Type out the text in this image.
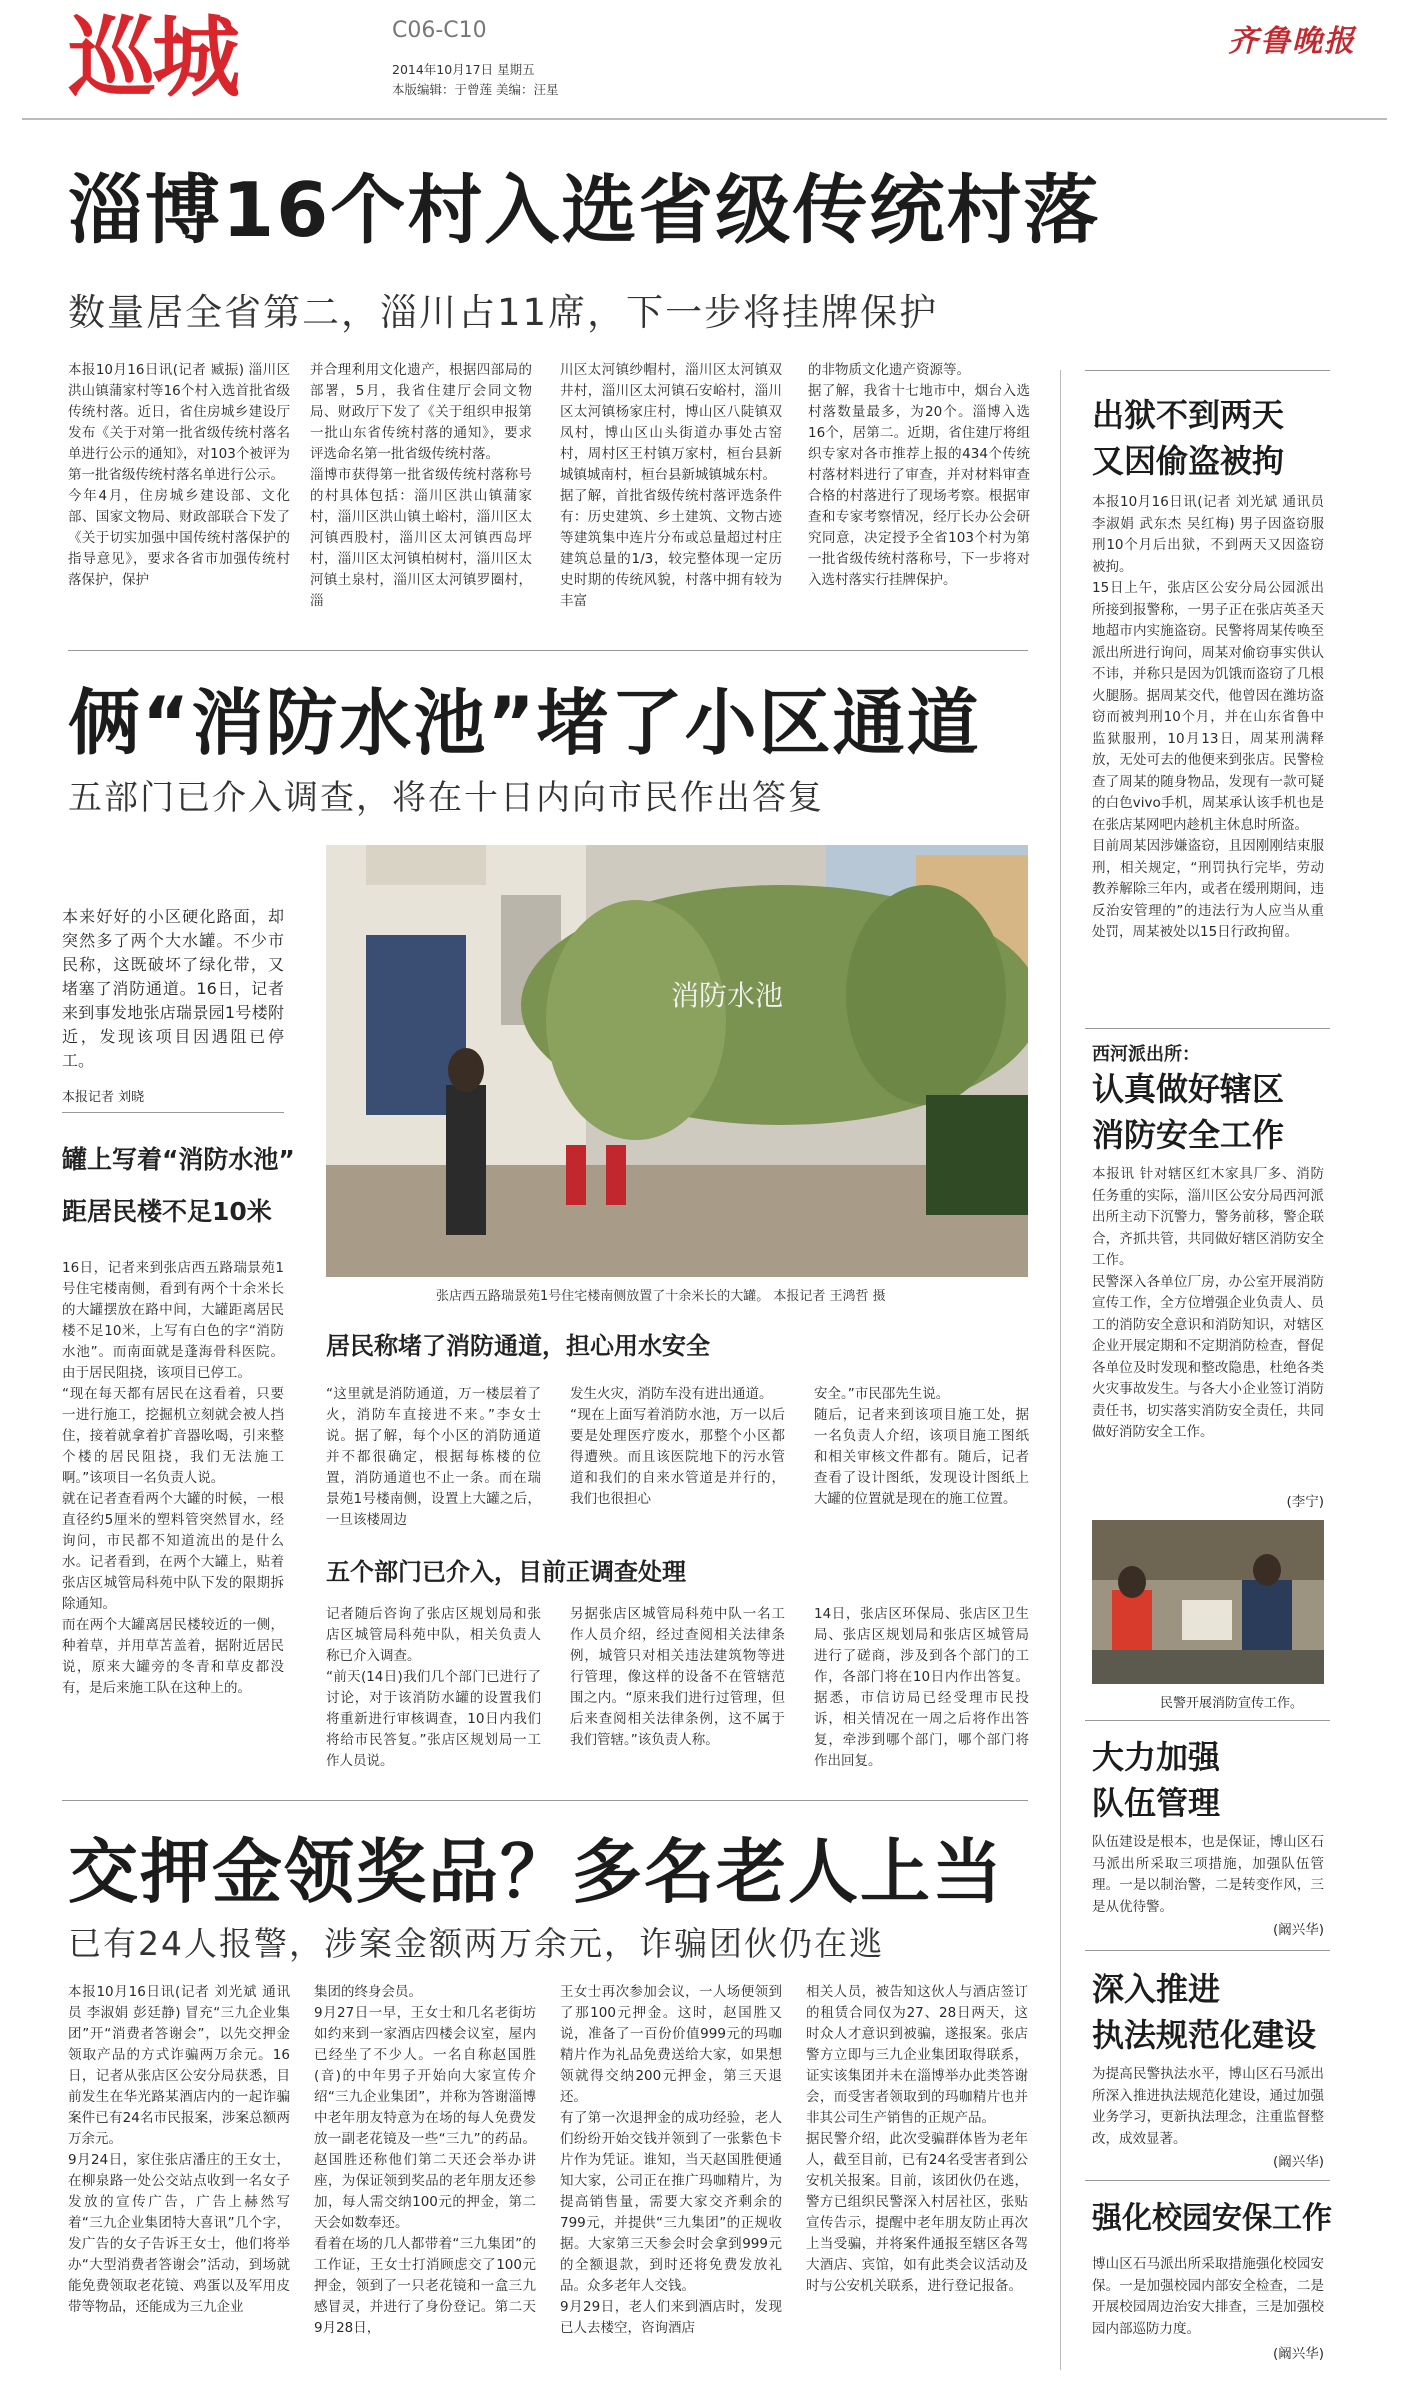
巡城	C06-C10
2014年10月17日 星期五
本版编辑：于曾莲 美编：汪星
齐鲁晚报
淄博16个村入选省级传统村落
数量居全省第二，淄川占11席，下一步将挂牌保护
本报10月16日讯(记者 臧振) 淄川区洪山镇蒲家村等16个村入选首批省级传统村落。近日，省住房城乡建设厅发布《关于对第一批省级传统村落名单进行公示的通知》，对103个被评为第一批省级传统村落名单进行公示。
今年4月，住房城乡建设部、文化部、国家文物局、财政部联合下发了《关于切实加强中国传统村落保护的指导意见》，要求各省市加强传统村落保护，保护
并合理利用文化遗产，根据四部局的部署，5月，我省住建厅会同文物局、财政厅下发了《关于组织申报第一批山东省传统村落的通知》，要求评选命名第一批省级传统村落。
淄博市获得第一批省级传统村落称号的村具体包括：淄川区洪山镇蒲家村，淄川区洪山镇土峪村，淄川区太河镇西股村，淄川区太河镇西岛坪村，淄川区太河镇柏树村，淄川区太河镇土泉村，淄川区太河镇罗圈村，淄
川区太河镇纱帽村，淄川区太河镇双井村，淄川区太河镇石安峪村，淄川区太河镇杨家庄村，博山区八陡镇双凤村，博山区山头街道办事处古窑村，周村区王村镇万家村，桓台县新城镇城南村，桓台县新城镇城东村。
据了解，首批省级传统村落评选条件有：历史建筑、乡土建筑、文物古迹等建筑集中连片分布或总量超过村庄建筑总量的1/3，较完整体现一定历史时期的传统风貌，村落中拥有较为丰富
的非物质文化遗产资源等。
据了解，我省十七地市中，烟台入选村落数量最多，为20个。淄博入选16个，居第二。近期，省住建厅将组织专家对各市推荐上报的434个传统村落材料进行了审查，并对材料审查合格的村落进行了现场考察。根据审查和专家考察情况，经厅长办公会研究同意，决定授予全省103个村为第一批省级传统村落称号，下一步将对入选村落实行挂牌保护。
俩“消防水池”堵了小区通道
五部门已介入调查，将在十日内向市民作出答复
本来好好的小区硬化路面，却突然多了两个大水罐。不少市民称，这既破坏了绿化带，又堵塞了消防通道。16日，记者来到事发地张店瑞景园1号楼附近，发现该项目因遇阻已停工。
本报记者 刘晓
罐上写着“消防水池”
距居民楼不足10米
16日，记者来到张店西五路瑞景苑1号住宅楼南侧，看到有两个十余米长的大罐摆放在路中间，大罐距离居民楼不足10米，上写有白色的字“消防水池”。而南面就是蓬海骨科医院。由于居民阻挠，该项目已停工。
“现在每天都有居民在这看着，只要一进行施工，挖掘机立刻就会被人挡住，接着就拿着扩音器吆喝，引来整个楼的居民阻挠，我们无法施工啊。”该项目一名负责人说。
就在记者查看两个大罐的时候，一根直径约5厘米的塑料管突然冒水，经询问，市民都不知道流出的是什么水。记者看到，在两个大罐上，贴着张店区城管局科苑中队下发的限期拆除通知。
而在两个大罐离居民楼较近的一侧，种着草，并用草苫盖着，据附近居民说，原来大罐旁的冬青和草皮都没有，是后来施工队在这种上的。
消防水池
张店西五路瑞景苑1号住宅楼南侧放置了十余米长的大罐。 本报记者 王鸿哲 摄
居民称堵了消防通道，担心用水安全
“这里就是消防通道，万一楼层着了火，消防车直接进不来。”李女士说。据了解，每个小区的消防通道并不都很确定，根据每栋楼的位置，消防通道也不止一条。而在瑞景苑1号楼南侧，设置上大罐之后，一旦该楼周边
发生火灾，消防车没有进出通道。
“现在上面写着消防水池，万一以后要是处理医疗废水，那整个小区都得遭殃。而且该医院地下的污水管道和我们的自来水管道是并行的，我们也很担心
安全。”市民邵先生说。
随后，记者来到该项目施工处，据一名负责人介绍，该项目施工图纸和相关审核文件都有。随后，记者查看了设计图纸，发现设计图纸上大罐的位置就是现在的施工位置。
五个部门已介入，目前正调查处理
记者随后咨询了张店区规划局和张店区城管局科苑中队，相关负责人称已介入调查。
“前天(14日)我们几个部门已进行了讨论，对于该消防水罐的设置我们将重新进行审核调查，10日内我们将给市民答复。”张店区规划局一工作人员说。
另据张店区城管局科苑中队一名工作人员介绍，经过查阅相关法律条例，城管只对相关违法建筑物等进行管理，像这样的设备不在管辖范围之内。“原来我们进行过管理，但后来查阅相关法律条例，这不属于我们管辖。”该负责人称。
14日，张店区环保局、张店区卫生局、张店区规划局和张店区城管局进行了磋商，涉及到各个部门的工作，各部门将在10日内作出答复。据悉，市信访局已经受理市民投诉，相关情况在一周之后将作出答复，牵涉到哪个部门，哪个部门将作出回复。
交押金领奖品？多名老人上当
已有24人报警，涉案金额两万余元，诈骗团伙仍在逃
本报10月16日讯(记者 刘光斌 通讯员 李淑娟 彭廷静) 冒充“三九企业集团”开“消费者答谢会”，以先交押金领取产品的方式诈骗两万余元。16日，记者从张店区公安分局获悉，目前发生在华光路某酒店内的一起诈骗案件已有24名市民报案，涉案总额两万余元。
9月24日，家住张店潘庄的王女士，在柳泉路一处公交站点收到一名女子发放的宣传广告，广告上赫然写着“三九企业集团特大喜讯”几个字，发广告的女子告诉王女士，他们将举办“大型消费者答谢会”活动，到场就能免费领取老花镜、鸡蛋以及军用皮带等物品，还能成为三九企业
集团的终身会员。
9月27日一早，王女士和几名老街坊如约来到一家酒店四楼会议室，屋内已经坐了不少人。一名自称赵国胜(音)的中年男子开始向大家宣传介绍“三九企业集团”，并称为答谢淄博中老年朋友特意为在场的每人免费发放一副老花镜及一些“三九”的药品。赵国胜还称他们第二天还会举办讲座，为保证领到奖品的老年朋友还参加，每人需交纳100元的押金，第二天会如数奉还。
看着在场的几人都带着“三九集团”的工作证，王女士打消顾虑交了100元押金，领到了一只老花镜和一盒三九感冒灵，并进行了身份登记。第二天9月28日，
王女士再次参加会议，一人场便领到了那100元押金。这时，赵国胜又说，准备了一百份价值999元的玛咖精片作为礼品免费送给大家，如果想领就得交纳200元押金，第三天退还。
有了第一次退押金的成功经验，老人们纷纷开始交钱并领到了一张紫色卡片作为凭证。谁知，当天赵国胜便通知大家，公司正在推广玛咖精片，为提高销售量，需要大家交齐剩余的799元，并提供“三九集团”的正规收据。大家第三天参会时会拿到999元的全额退款，到时还将免费发放礼品。众多老年人交钱。
9月29日，老人们来到酒店时，发现已人去楼空，咨询酒店
相关人员，被告知这伙人与酒店签订的租赁合同仅为27、28日两天，这时众人才意识到被骗，遂报案。张店警方立即与三九企业集团取得联系，证实该集团并未在淄博举办此类答谢会，而受害者领取到的玛咖精片也并非其公司生产销售的正规产品。
据民警介绍，此次受骗群体皆为老年人，截至目前，已有24名受害者到公安机关报案。目前，该团伙仍在逃，警方已组织民警深入村居社区，张贴宣传告示，提醒中老年朋友防止再次上当受骗，并将案件通报至辖区各驾大酒店、宾馆，如有此类会议活动及时与公安机关联系，进行登记报备。
出狱不到两天
又因偷盗被拘
本报10月16日讯(记者 刘光斌 通讯员 李淑娟 武东杰 吴红梅) 男子因盗窃服刑10个月后出狱，不到两天又因盗窃被拘。
15日上午，张店区公安分局公园派出所接到报警称，一男子正在张店英圣天地超市内实施盗窃。民警将周某传唤至派出所进行询问，周某对偷窃事实供认不讳，并称只是因为饥饿而盗窃了几根火腿肠。据周某交代，他曾因在潍坊盗窃而被判刑10个月，并在山东省鲁中监狱服刑，10月13日，周某刑满释放，无处可去的他便来到张店。民警检查了周某的随身物品，发现有一款可疑的白色vivo手机，周某承认该手机也是在张店某网吧内趁机主休息时所盗。
目前周某因涉嫌盗窃，且因刚刚结束服刑，相关规定，“刑罚执行完毕，劳动教养解除三年内，或者在缓刑期间，违反治安管理的”的违法行为人应当从重处罚，周某被处以15日行政拘留。
西河派出所：
认真做好辖区
消防安全工作
本报讯 针对辖区红木家具厂多、消防任务重的实际，淄川区公安分局西河派出所主动下沉警力，警务前移，警企联合，齐抓共管，共同做好辖区消防安全工作。
民警深入各单位厂房，办公室开展消防宣传工作，全方位增强企业负责人、员工的消防安全意识和消防知识，对辖区企业开展定期和不定期消防检查，督促各单位及时发现和整改隐患，杜绝各类火灾事故发生。与各大小企业签订消防责任书，切实落实消防安全责任，共同做好消防安全工作。
(李宁)
民警开展消防宣传工作。
大力加强
队伍管理
队伍建设是根本，也是保证，博山区石马派出所采取三项措施，加强队伍管理。一是以制治警，二是转变作风，三是从优待警。
(阚兴华)
深入推进
执法规范化建设
为提高民警执法水平，博山区石马派出所深入推进执法规范化建设，通过加强业务学习，更新执法理念，注重监督整改，成效显著。
(阚兴华)
强化校园安保工作
博山区石马派出所采取措施强化校园安保。一是加强校园内部安全检查，二是开展校园周边治安大排查，三是加强校园内部巡防力度。
(阚兴华)
